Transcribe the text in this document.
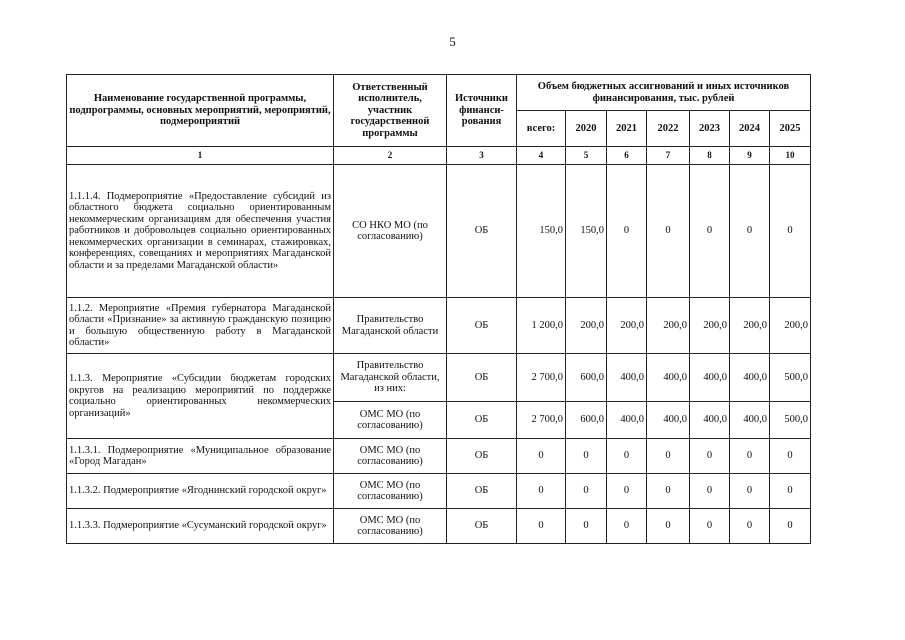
5
Наименование государственной программы, подпрограммы, основных мероприятий, мероприятий, подмероприятий	Ответственный исполнитель, участник государственной программы	Источники финанси-рования	Объем бюджетных ассигнований и иных источников финансирования, тыс. рублей						
			всего:	2020	2021	2022	2023	2024	2025
1	2	3	4	5	6	7	8	9	10

1.1.1.4. Подмероприятие «Предоставление субсидий из областного бюджета социально ориентированным некоммерческим организациям для обеспечения участия работников и добровольцев социально ориентированных некоммерческих организации в семинарах, стажировках, конференциях, совещаниях и мероприятиях Магаданской области и за пределами Магаданской области»	СО НКО МО (по согласованию)	ОБ	150,0	150,0	0	0	0	0	0

1.1.2. Мероприятие «Премия губернатора Магаданской области «Признание» за активную гражданскую позицию и большую общественную работу в Магаданской области»	Правительство Магаданской области	ОБ	1 200,0	200,0	200,0	200,0	200,0	200,0	200,0

1.1.3. Мероприятие «Субсидии бюджетам городских округов на реализацию мероприятий по поддержке социально ориентированных некоммерческих организаций»	Правительство Магаданской области, из них:	ОБ	2 700,0	600,0	400,0	400,0	400,0	400,0	500,0
	ОМС МО (по согласованию)	ОБ	2 700,0	600,0	400,0	400,0	400,0	400,0	500,0

1.1.3.1. Подмероприятие «Муниципальное образование «Город Магадан»	ОМС МО (по согласованию)	ОБ	0	0	0	0	0	0	0

1.1.3.2. Подмероприятие «Ягоднинский городской округ»	ОМС МО (по согласованию)	ОБ	0	0	0	0	0	0	0

1.1.3.3. Подмероприятие «Сусуманский городской округ»	ОМС МО (по согласованию)	ОБ	0	0	0	0	0	0	0
